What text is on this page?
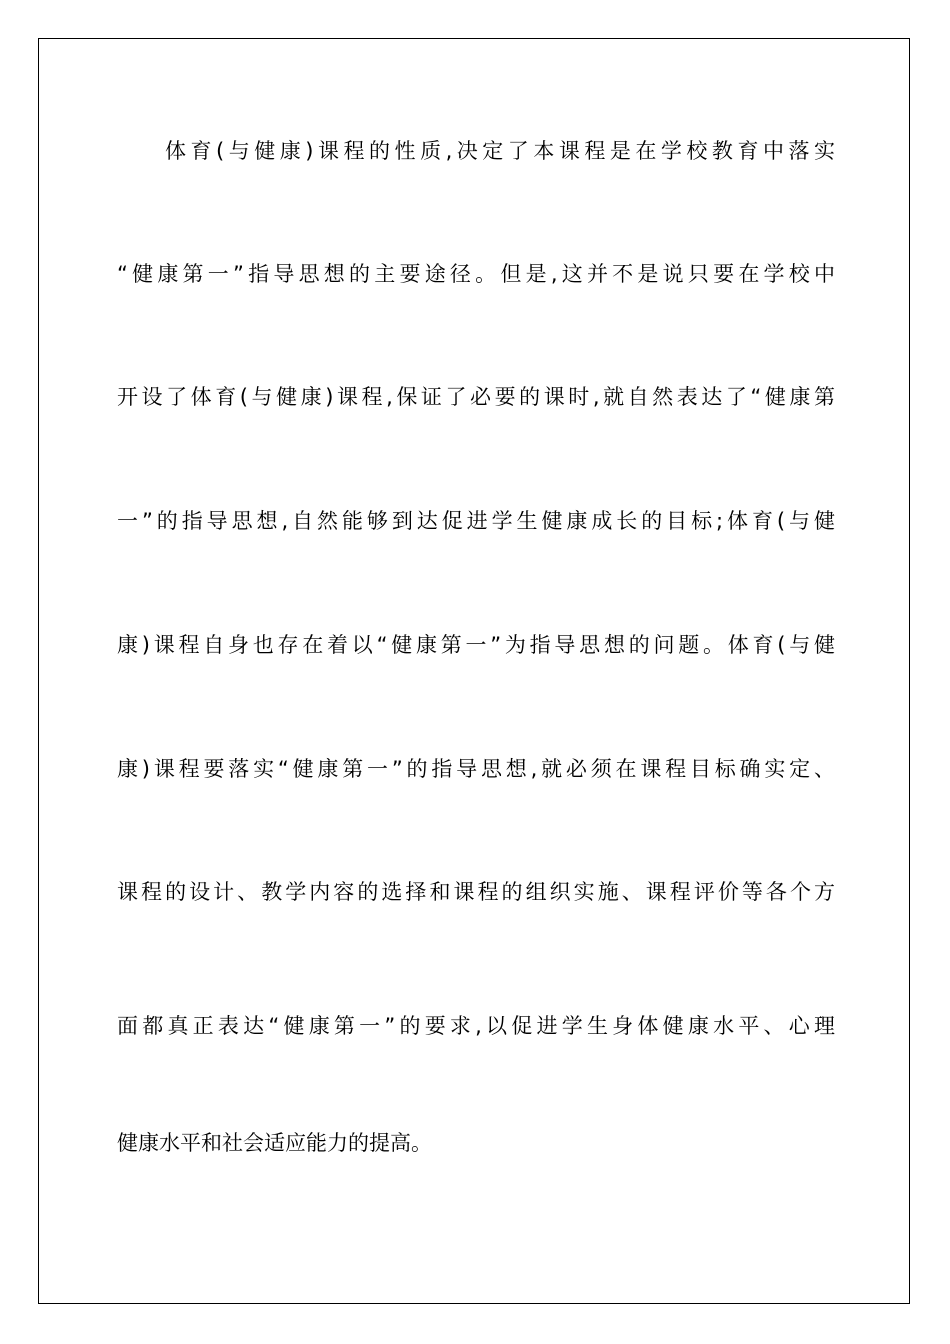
体育(与健康)课程的性质,决定了本课程是在学校教育中落实
“健康第一”指导思想的主要途径。但是,这并不是说只要在学校中
开设了体育(与健康)课程,保证了必要的课时,就自然表达了“健康第
一”的指导思想,自然能够到达促进学生健康成长的目标;体育(与健
康)课程自身也存在着以“健康第一”为指导思想的问题。体育(与健
康)课程要落实“健康第一”的指导思想,就必须在课程目标确实定、
课程的设计、教学内容的选择和课程的组织实施、课程评价等各个方
面都真正表达“健康第一”的要求,以促进学生身体健康水平、心理
健康水平和社会适应能力的提高。
